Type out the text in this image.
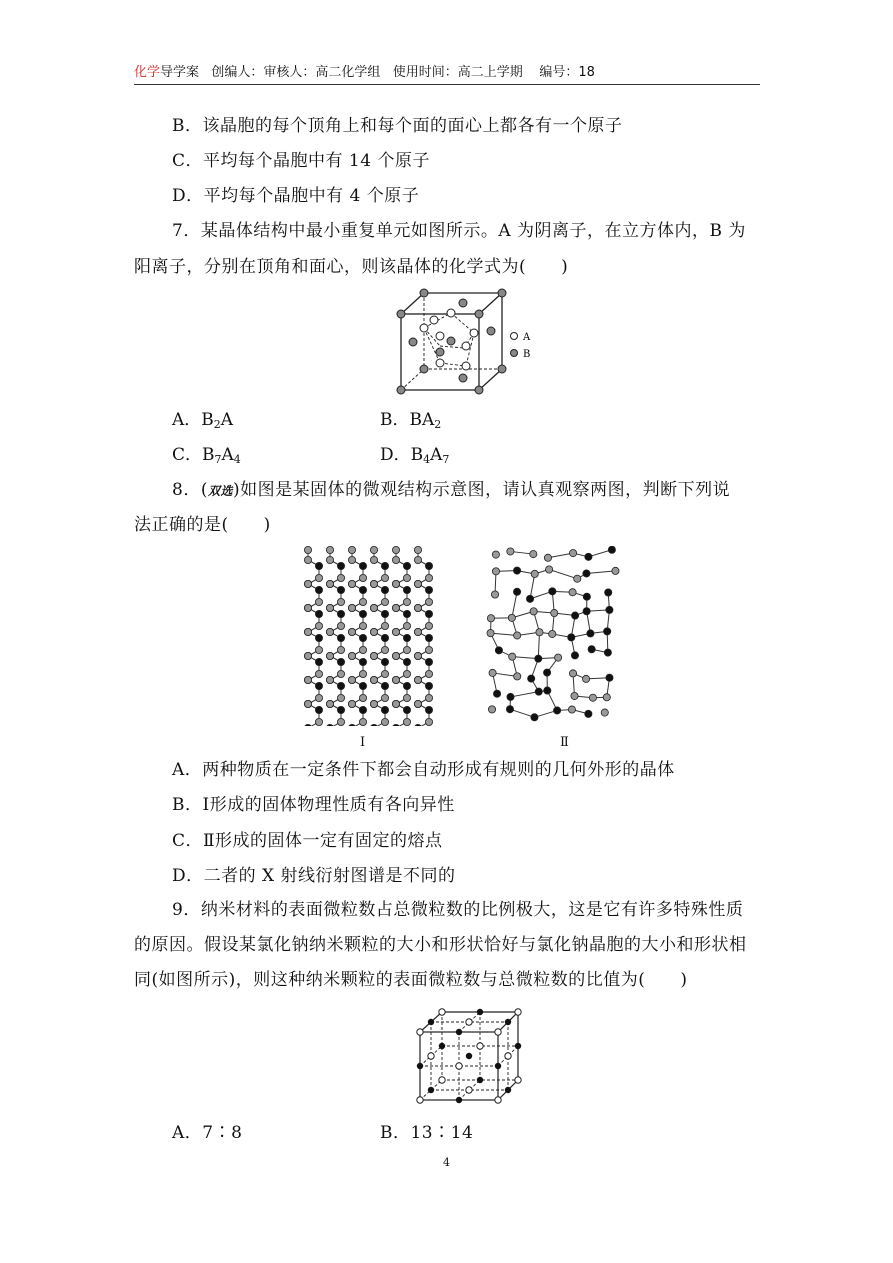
化学导学案   创编人：审核人：高二化学组   使用时间：高二上学期    编号：18
B．该晶胞的每个顶角上和每个面的面心上都各有一个原子
C．平均每个晶胞中有 14 个原子
D．平均每个晶胞中有 4 个原子
7．某晶体结构中最小重复单元如图所示。A 为阴离子，在立方体内，B 为
阳离子，分别在顶角和面心，则该晶体的化学式为(　　)
A
B
A．$B_2A$	B．$BA_2$
C．$B_7A_4$	D．$B_4A_7$
8．(双选)如图是某固体的微观结构示意图，请认真观察两图，判断下列说
法正确的是(　　)
Ⅰ	Ⅱ
A．两种物质在一定条件下都会自动形成有规则的几何外形的晶体
B．Ⅰ形成的固体物理性质有各向异性
C．Ⅱ形成的固体一定有固定的熔点
D．二者的 X 射线衍射图谱是不同的
9．纳米材料的表面微粒数占总微粒数的比例极大，这是它有许多特殊性质
的原因。假设某氯化钠纳米颗粒的大小和形状恰好与氯化钠晶胞的大小和形状相
同(如图所示)，则这种纳米颗粒的表面微粒数与总微粒数的比值为(　　)
A．7∶8	B．13∶14
4
